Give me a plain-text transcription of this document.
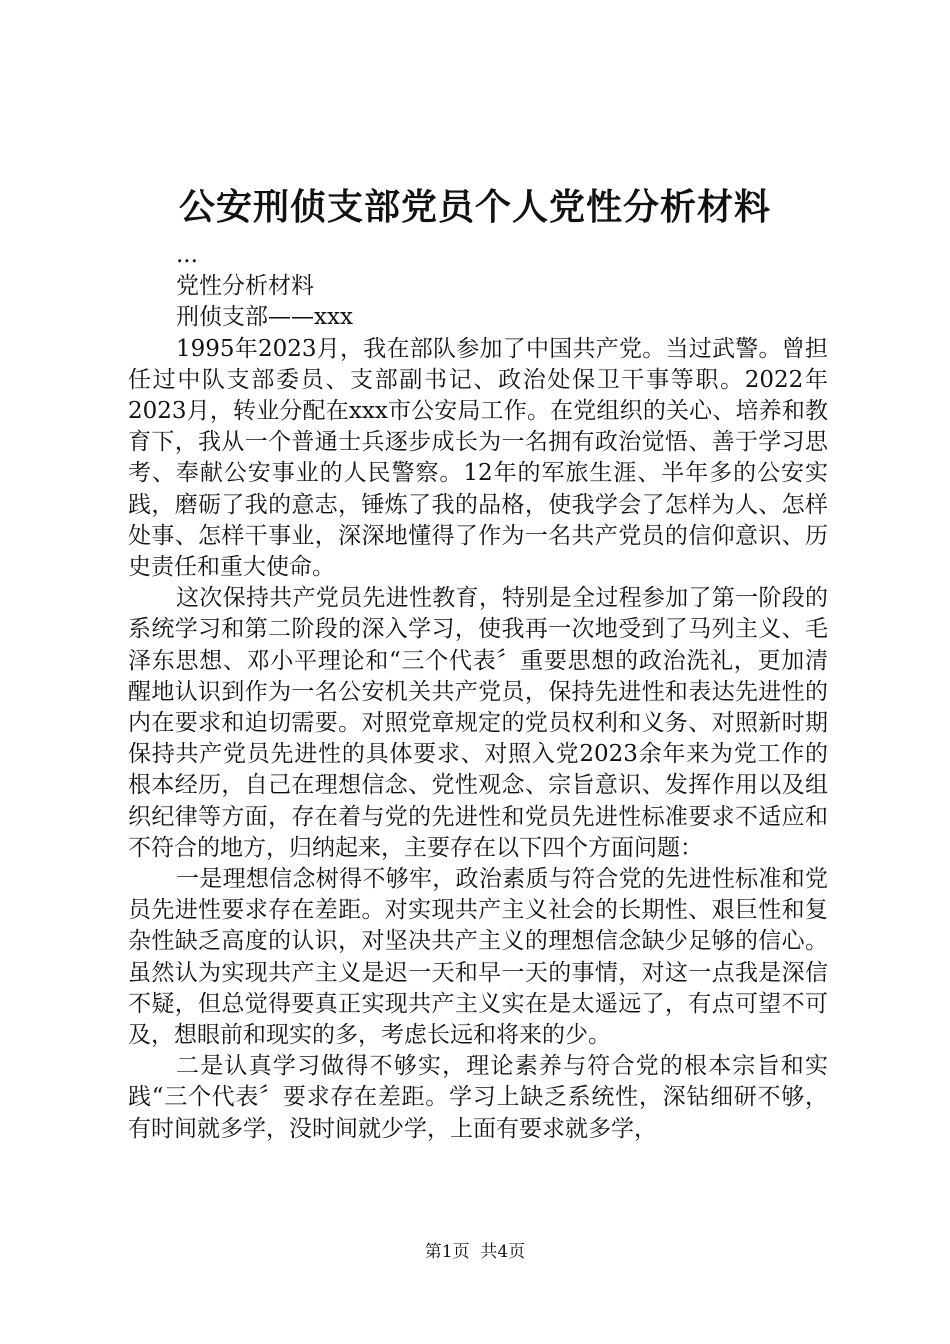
公安刑侦支部党员个人党性分析材料

...

党性分析材料

刑侦支部——xxx

1995年2023月，我在部队参加了中国共产党。当过武警。曾担任过中队支部委员、支部副书记、政治处保卫干事等职。2022年2023月，转业分配在xxx市公安局工作。在党组织的关心、培养和教育下，我从一个普通士兵逐步成长为一名拥有政治觉悟、善于学习思考、奉献公安事业的人民警察。12年的军旅生涯、半年多的公安实践，磨砺了我的意志，锤炼了我的品格，使我学会了怎样为人、怎样处事、怎样干事业，深深地懂得了作为一名共产党员的信仰意识、历史责任和重大使命。

这次保持共产党员先进性教育，特别是全过程参加了第一阶段的系统学习和第二阶段的深入学习，使我再一次地受到了马列主义、毛泽东思想、邓小平理论和“三个代表〞重要思想的政治洗礼，更加清醒地认识到作为一名公安机关共产党员，保持先进性和表达先进性的内在要求和迫切需要。对照党章规定的党员权利和义务、对照新时期保持共产党员先进性的具体要求、对照入党2023余年来为党工作的根本经历，自己在理想信念、党性观念、宗旨意识、发挥作用以及组织纪律等方面，存在着与党的先进性和党员先进性标准要求不适应和不符合的地方，归纳起来，主要存在以下四个方面问题：

一是理想信念树得不够牢，政治素质与符合党的先进性标准和党员先进性要求存在差距。对实现共产主义社会的长期性、艰巨性和复杂性缺乏高度的认识，对坚决共产主义的理想信念缺少足够的信心。虽然认为实现共产主义是迟一天和早一天的事情，对这一点我是深信不疑，但总觉得要真正实现共产主义实在是太遥远了，有点可望不可及，想眼前和现实的多，考虑长远和将来的少。

二是认真学习做得不够实，理论素养与符合党的根本宗旨和实践“三个代表〞要求存在差距。学习上缺乏系统性，深钻细研不够，有时间就多学，没时间就少学，上面有要求就多学，

第1页  共4页
